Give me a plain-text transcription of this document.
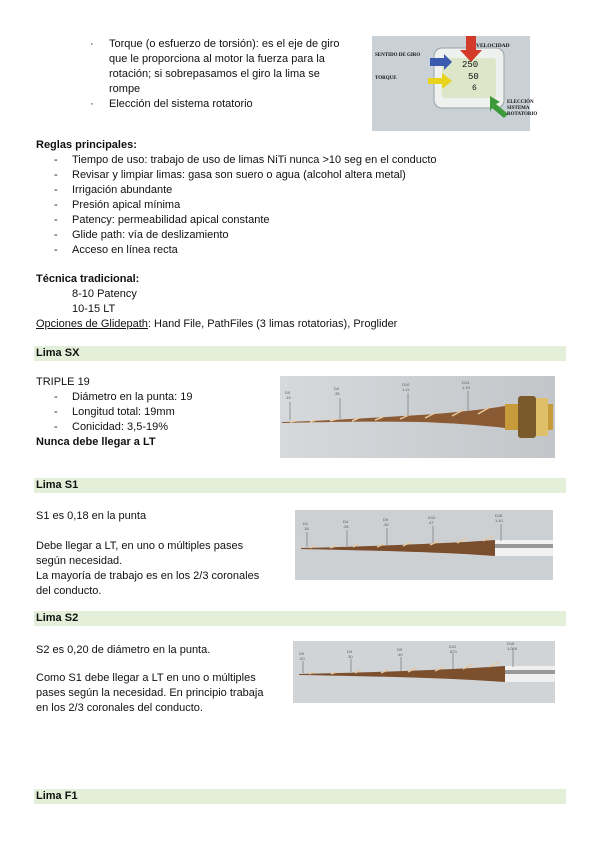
· Torque (o esfuerzo de torsión): es el eje de giro
que le proporciona al motor la fuerza para la
rotación; si sobrepasamos el giro la lima se
rompe
· Elección del sistema rotatorio
SENTIDO DE GIRO
VELOCIDAD
TORQUE
ELECCIÓN SISTEMA ROTATORIO
250
50
6
Reglas principales:
- Tiempo de uso: trabajo de uso de limas NiTi nunca >10 seg en el conducto
- Revisar y limpiar limas: gasa son suero o agua (alcohol altera metal)
- Irrigación abundante
- Presión apical mínima
- Patency: permeabilidad apical constante
- Glide path: vía de deslizamiento
- Acceso en línea recta
Técnica tradicional:
8-10 Patency
10-15 LT
Opciones de Glidepath: Hand File, PathFiles (3 limas rotatorias), Proglider
Lima SX
TRIPLE 19
- Diámetro en la punta: 19
- Longitud total: 19mm
- Conicidad: 3,5-19%
Nunca debe llegar a LT
D0
.19
D4
.35
D10
1.11
D14
1.19
Lima S1
S1 es 0,18 en la punta
Debe llegar a LT, en uno o múltiples pases
según necesidad.
La mayoría de trabajo es en los 2/3 coronales
del conducto.
D1
.18
D4
.26
D9
.30
D12
.47
D16
1.10
Lima S2
S2 es 0,20 de diámetro en la punta.
Como S1 debe llegar a LT en uno o múltiples
pases según la necesidad. En principio trabaja
en los 2/3 coronales del conducto.
D0
.20
D4
.30
D9
.40
D12
.870
D16
1.009
Lima F1
